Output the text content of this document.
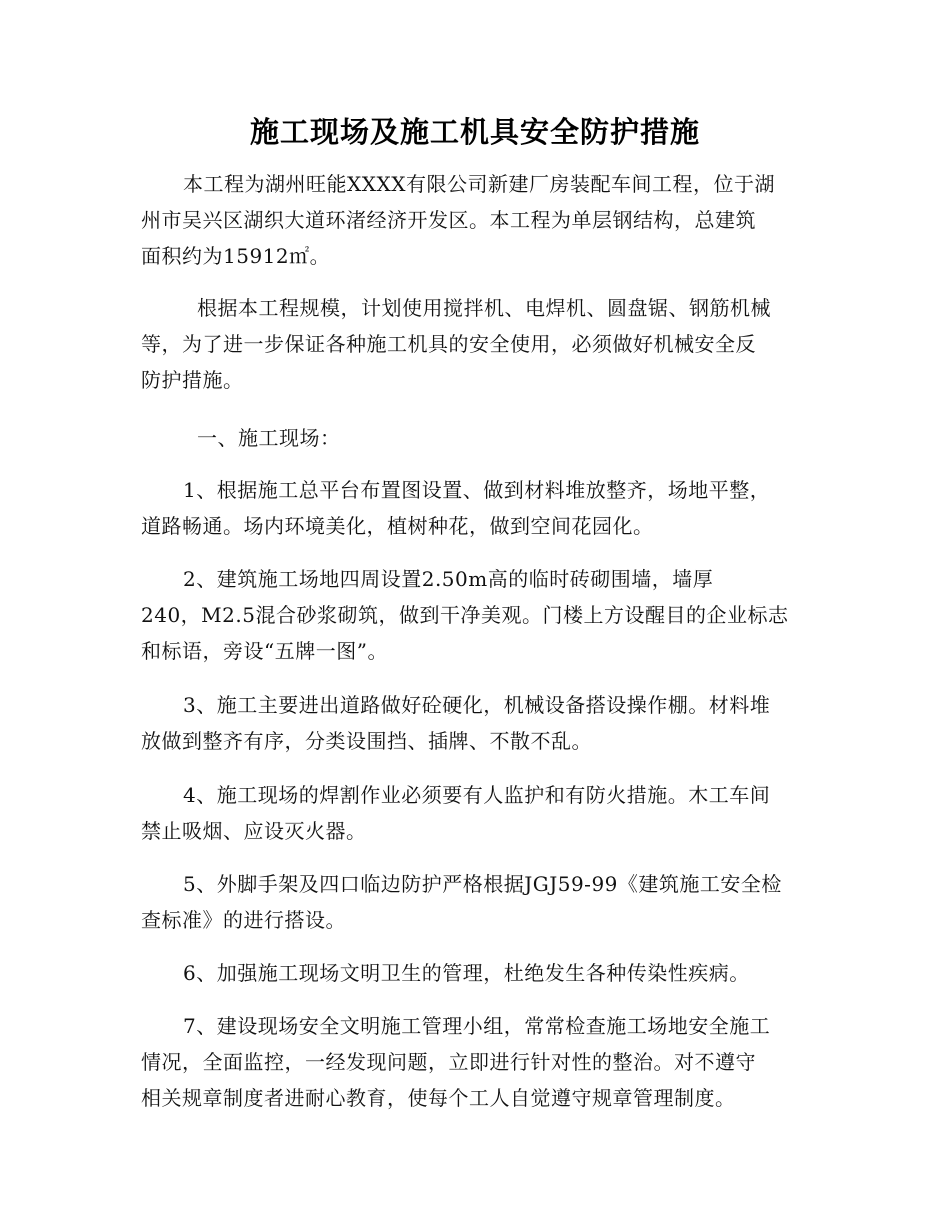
施工现场及施工机具安全防护措施
本工程为湖州旺能XXXX有限公司新建厂房装配车间工程，位于湖
州市吴兴区湖织大道环渚经济开发区。本工程为单层钢结构，总建筑
面积约为15912㎡。
根据本工程规模，计划使用搅拌机、电焊机、圆盘锯、钢筋机械
等，为了进一步保证各种施工机具的安全使用，必须做好机械安全反
防护措施。
一、施工现场：
1、根据施工总平台布置图设置、做到材料堆放整齐，场地平整，
道路畅通。场内环境美化，植树种花，做到空间花园化。
2、建筑施工场地四周设置2.50m高的临时砖砌围墙，墙厚
240，M2.5混合砂浆砌筑，做到干净美观。门楼上方设醒目的企业标志
和标语，旁设“五牌一图”。
3、施工主要进出道路做好砼硬化，机械设备搭设操作棚。材料堆
放做到整齐有序，分类设围挡、插牌、不散不乱。
4、施工现场的焊割作业必须要有人监护和有防火措施。木工车间
禁止吸烟、应设灭火器。
5、外脚手架及四口临边防护严格根据JGJ59-99《建筑施工安全检
查标准》的进行搭设。
6、加强施工现场文明卫生的管理，杜绝发生各种传染性疾病。
7、建设现场安全文明施工管理小组，常常检查施工场地安全施工
情况，全面监控，一经发现问题，立即进行针对性的整治。对不遵守
相关规章制度者进耐心教育，使每个工人自觉遵守规章管理制度。
